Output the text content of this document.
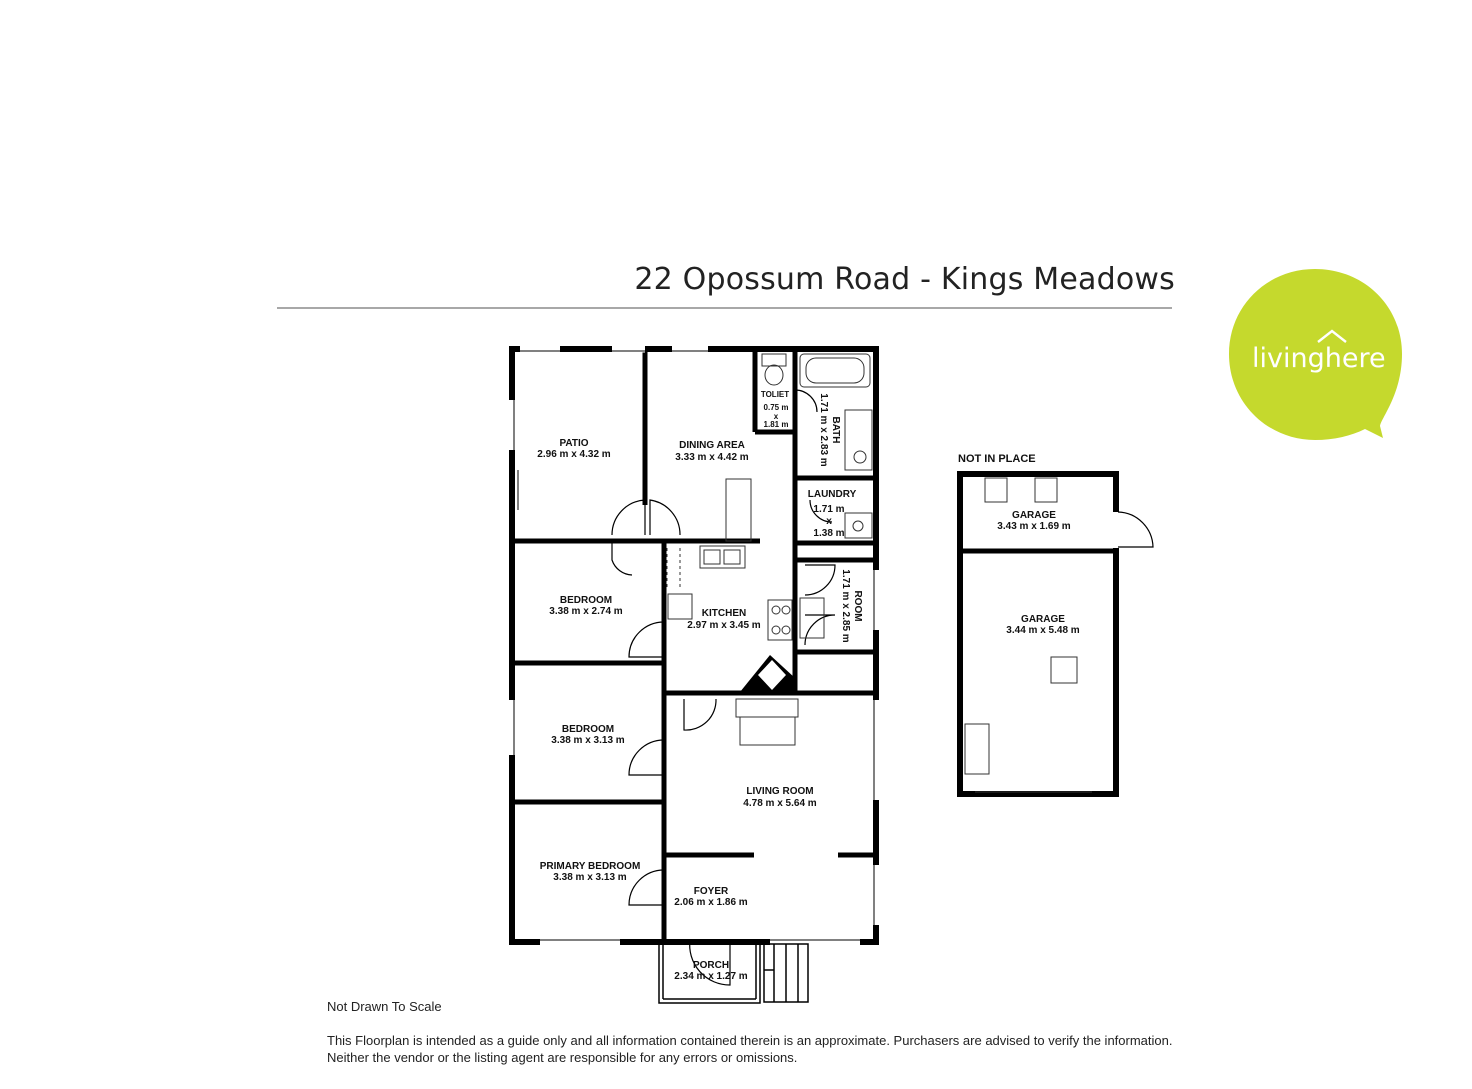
22 Opossum Road - Kings Meadows
livinghere
PATIO
2.96 m x 4.32 m
DINING AREA
3.33 m x 4.42 m
TOLIET
0.75 m
x
1.81 m	BATH
1.71 m x 2.83 m
LAUNDRY
1.71 m
x
1.38 m
ROOM
1.71 m x 2.85 m
BEDROOM
3.38 m x 2.74 m	KITCHEN
2.97 m x 3.45 m
BEDROOM
3.38 m x 3.13 m
LIVING ROOM
4.78 m x 5.64 m
PRIMARY BEDROOM
3.38 m x 3.13 m
FOYER
2.06 m x 1.86 m
PORCH
2.34 m x 1.27 m
GARAGE
3.43 m x 1.69 m
GARAGE
3.44 m x 5.48 m
NOT IN PLACE
Not Drawn To Scale
This Floorplan is intended as a guide only and all information contained therein is an approximate. Purchasers are advised to verify the information.
Neither the vendor or the listing agent are responsible for any errors or omissions.
